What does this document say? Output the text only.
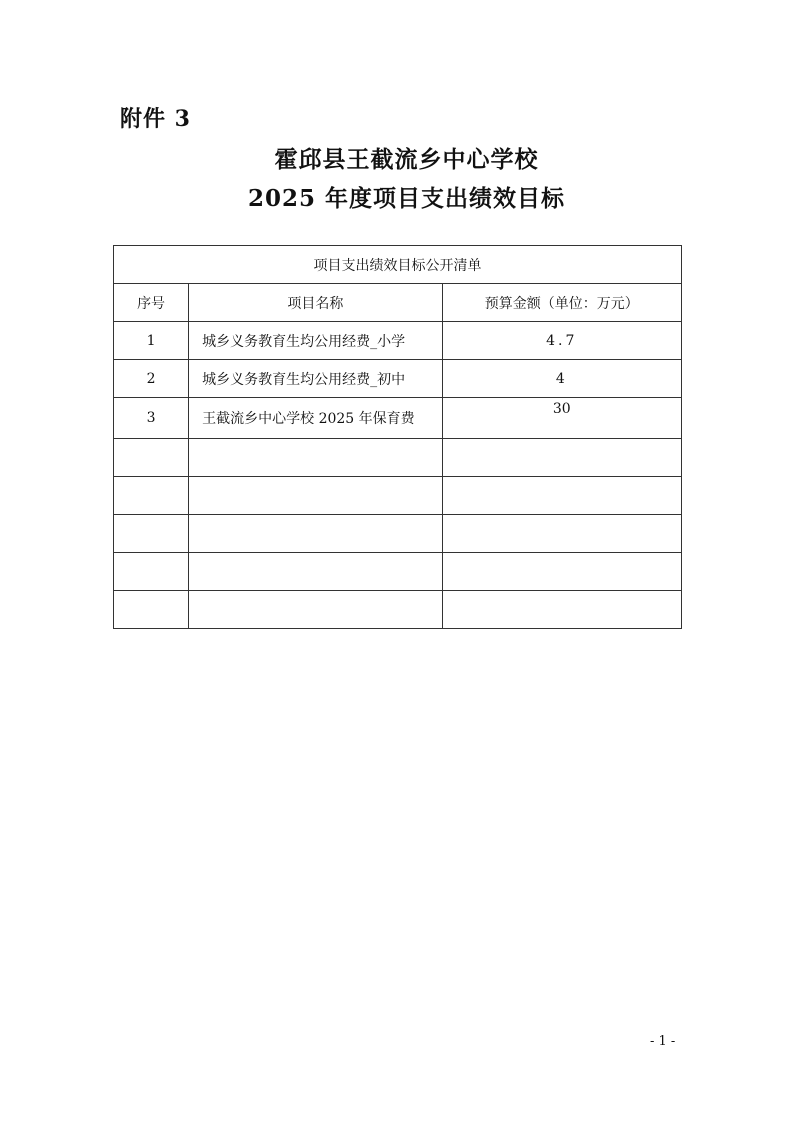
附件 3
霍邱县王截流乡中心学校
2025 年度项目支出绩效目标
项目支出绩效目标公开清单		
序号	项目名称	预算金额（单位：万元）
1	城乡义务教育生均公用经费_小学	4.7
2	城乡义务教育生均公用经费_初中	4
3	王截流乡中心学校 2025 年保育费	30

- 1 -
